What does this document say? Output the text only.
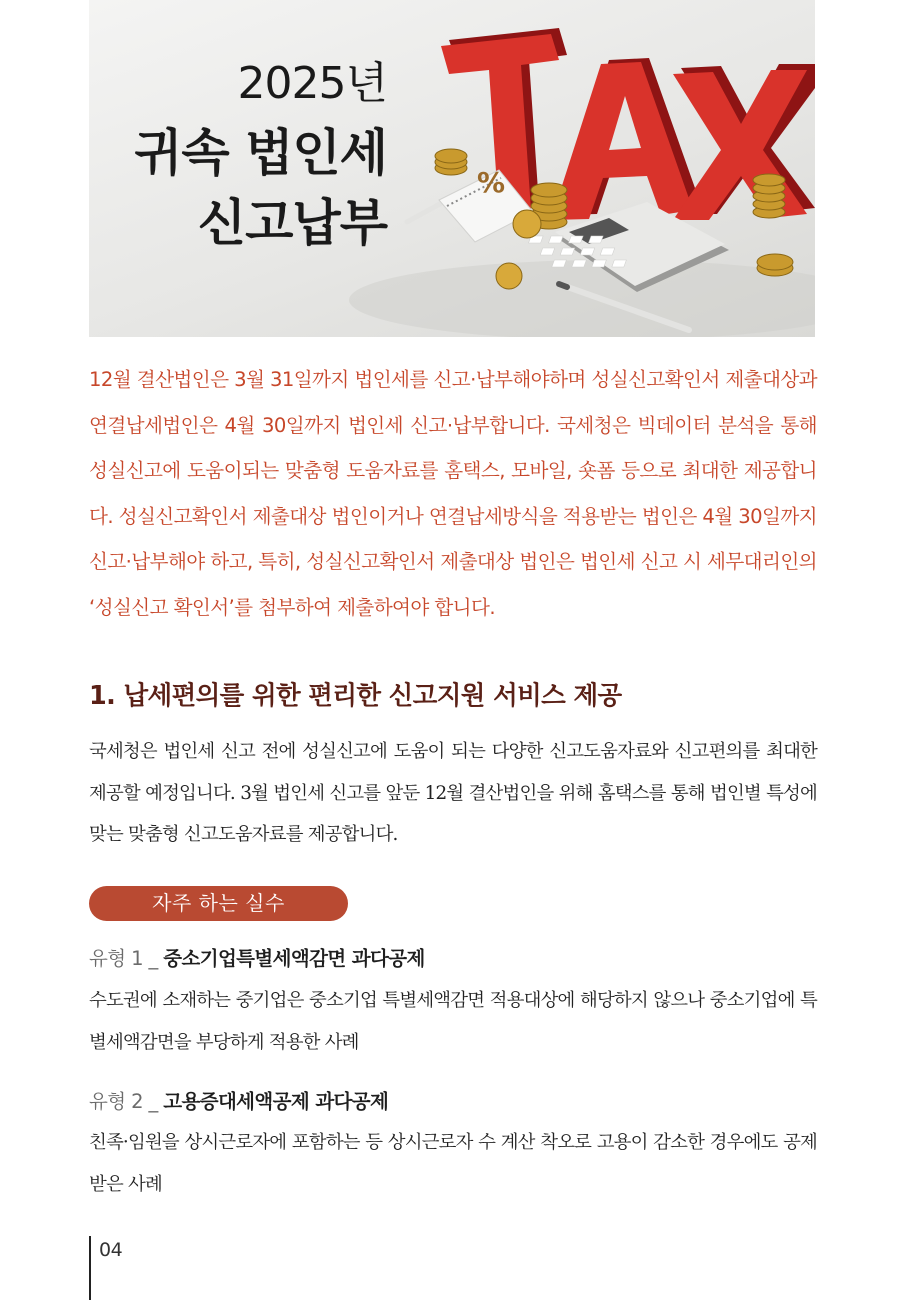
%
2025년
귀속 법인세
신고납부

12월 결산법인은 3월 31일까지 법인세를 신고·납부해야하며 성실신고확인서 제출대상과 연결납세법인은 4월 30일까지 법인세 신고·납부합니다. 국세청은 빅데이터 분석을 통해 성실신고에 도움이되는 맞춤형 도움자료를 홈택스, 모바일, 숏폼 등으로 최대한 제공합니다. 성실신고확인서 제출대상 법인이거나 연결납세방식을 적용받는 법인은 4월 30일까지 신고·납부해야 하고, 특히, 성실신고확인서 제출대상 법인은 법인세 신고 시 세무대리인의 ‘성실신고 확인서’를 첨부하여 제출하여야 합니다.

1. 납세편의를 위한 편리한 신고지원 서비스 제공

국세청은 법인세 신고 전에 성실신고에 도움이 되는 다양한 신고도움자료와 신고편의를 최대한 제공할 예정입니다. 3월 법인세 신고를 앞둔 12월 결산법인을 위해 홈택스를 통해 법인별 특성에 맞는 맞춤형 신고도움자료를 제공합니다.

자주 하는 실수

유형 1 _ 중소기업특별세액감면 과다공제

수도권에 소재하는 중기업은 중소기업 특별세액감면 적용대상에 해당하지 않으나 중소기업에 특별세액감면을 부당하게 적용한 사례

유형 2 _ 고용증대세액공제 과다공제

친족·임원을 상시근로자에 포함하는 등 상시근로자 수 계산 착오로 고용이 감소한 경우에도 공제받은 사례

04
